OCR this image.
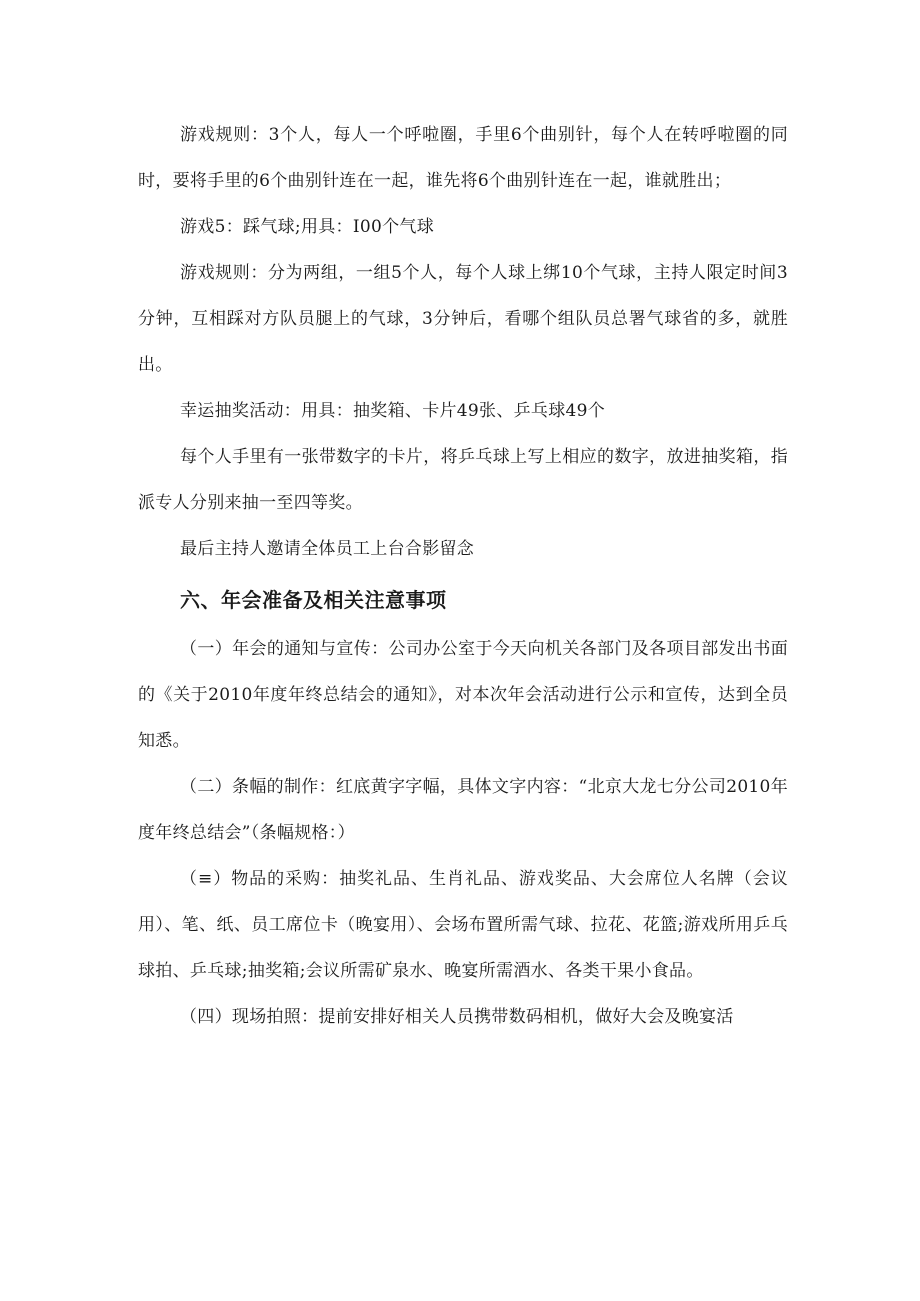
游戏规则：3个人，每人一个呼啦圈，手里6个曲别针，每个人在转呼啦圈的同时，要将手里的6个曲别针连在一起，谁先将6个曲别针连在一起，谁就胜出；

游戏5：踩气球;用具：I00个气球

游戏规则：分为两组，一组5个人，每个人球上绑10个气球，主持人限定时间3分钟，互相踩对方队员腿上的气球，3分钟后，看哪个组队员总署气球省的多，就胜出。

幸运抽奖活动：用具：抽奖箱、卡片49张、乒乓球49个

每个人手里有一张带数字的卡片，将乒乓球上写上相应的数字，放进抽奖箱，指派专人分别来抽一至四等奖。

最后主持人邀请全体员工上台合影留念

六、年会准备及相关注意事项

（一）年会的通知与宣传：公司办公室于今天向机关各部门及各项目部发出书面的《关于2010年度年终总结会的通知》，对本次年会活动进行公示和宣传，达到全员知悉。

（二）条幅的制作：红底黄字字幅，具体文字内容：“北京大龙七分公司2010年度年终总结会”（条幅规格：）

（≡）物品的采购：抽奖礼品、生肖礼品、游戏奖品、大会席位人名牌（会议用）、笔、纸、员工席位卡（晚宴用）、会场布置所需气球、拉花、花篮;游戏所用乒乓球拍、乒乓球;抽奖箱;会议所需矿泉水、晚宴所需酒水、各类干果小食品。

（四）现场拍照：提前安排好相关人员携带数码相机，做好大会及晚宴活
